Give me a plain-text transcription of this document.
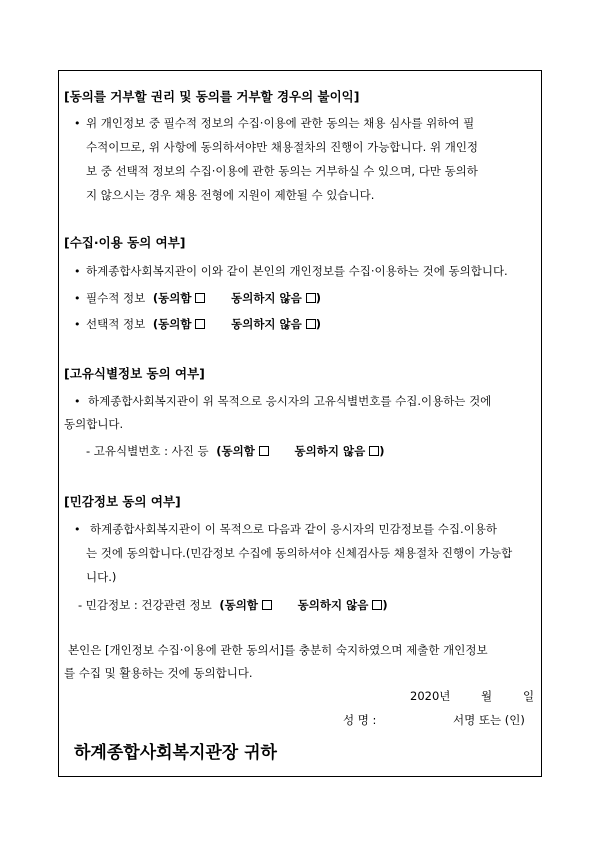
[동의를 거부할 권리 및 동의를 거부할 경우의 불이익]
• 위 개인정보 중 필수적 정보의 수집·이용에 관한 동의는 채용 심사를 위하여 필
수적이므로, 위 사항에 동의하셔야만 채용절차의 진행이 가능합니다. 위 개인정
보 중 선택적 정보의 수집·이용에 관한 동의는 거부하실 수 있으며, 다만 동의하
지 않으시는 경우 채용 전형에 지원이 제한될 수 있습니다.
[수집·이용 동의 여부]
• 하계종합사회복지관이 이와 같이 본인의 개인정보를 수집·이용하는 것에 동의합니다.
• 필수적 정보 (동의함	동의하지 않음 )
• 선택적 정보 (동의함	동의하지 않음 )
[고유식별정보 동의 여부]
• 하계종합사회복지관이 위 목적으로 응시자의 고유식별번호를 수집.이용하는 것에
동의합니다.
- 고유식별번호 : 사진 등 (동의함	동의하지 않음 )
[민감정보 동의 여부]
• 하계종합사회복지관이 이 목적으로 다음과 같이 응시자의 민감정보를 수집.이용하
는 것에 동의합니다.(민감정보 수집에 동의하셔야 신체검사등 채용절차 진행이 가능합
니다.)
- 민감정보 : 건강관련 정보 (동의함	동의하지 않음 )
본인은 [개인정보 수집·이용에 관한 동의서]를 충분히 숙지하였으며 제출한 개인정보
를 수집 및 활용하는 것에 동의합니다.
2020년	월	일
성 명 :	서명 또는 (인)
하계종합사회복지관장 귀하
